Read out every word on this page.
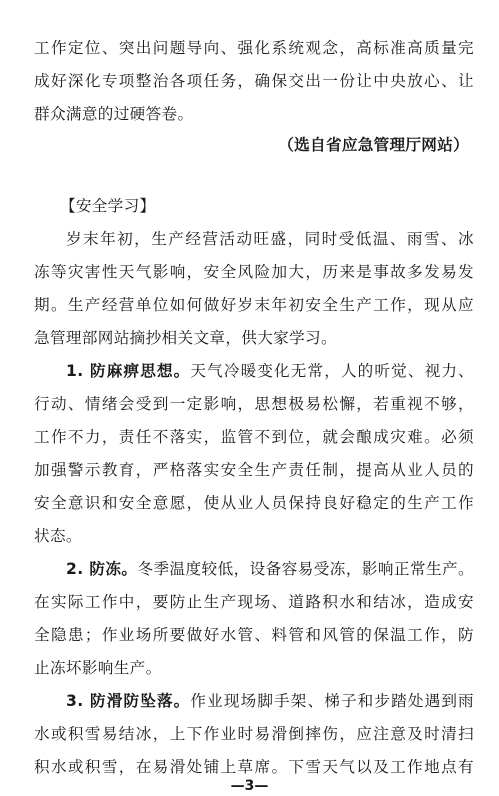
工作定位、突出问题导向、强化系统观念，高标准高质量完
成好深化专项整治各项任务，确保交出一份让中央放心、让
群众满意的过硬答卷。
（选自省应急管理厅网站）
【安全学习】
岁末年初，生产经营活动旺盛，同时受低温、雨雪、冰
冻等灾害性天气影响，安全风险加大，历来是事故多发易发
期。生产经营单位如何做好岁末年初安全生产工作，现从应
急管理部网站摘抄相关文章，供大家学习。
1. 防麻痹思想。天气冷暖变化无常，人的听觉、视力、
行动、情绪会受到一定影响，思想极易松懈，若重视不够，
工作不力，责任不落实，监管不到位，就会酿成灾难。必须
加强警示教育，严格落实安全生产责任制，提高从业人员的
安全意识和安全意愿，使从业人员保持良好稳定的生产工作
状态。
2. 防冻。冬季温度较低，设备容易受冻，影响正常生产。
在实际工作中，要防止生产现场、道路积水和结冰，造成安
全隐患；作业场所要做好水管、料管和风管的保温工作，防
止冻坏影响生产。
3. 防滑防坠落。作业现场脚手架、梯子和步踏处遇到雨
水或积雪易结冰，上下作业时易滑倒摔伤，应注意及时清扫
积水或积雪，在易滑处铺上草席。下雪天气以及工作地点有
—3—
